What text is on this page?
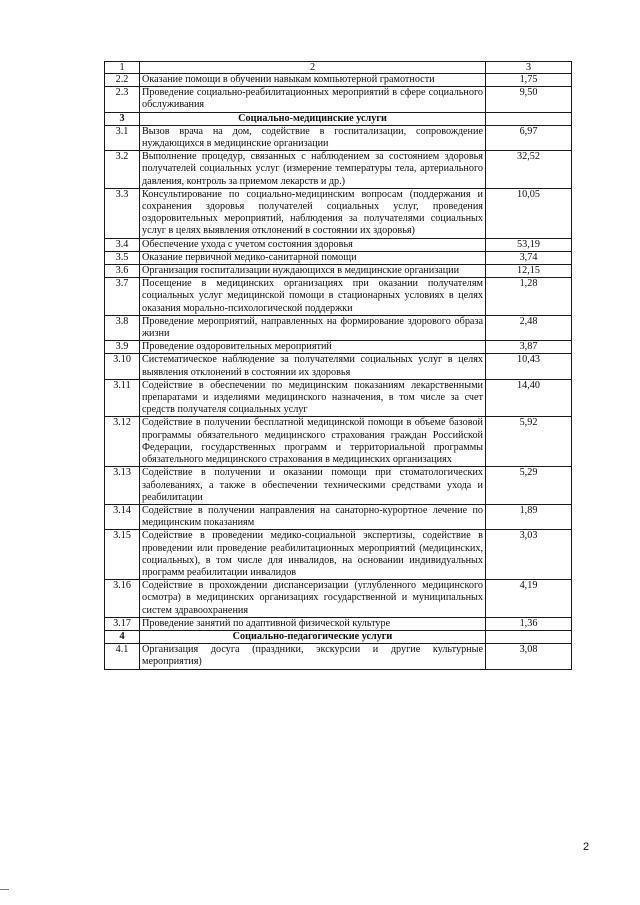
1	2	3
2.2	Оказание помощи в обучении навыкам компьютерной грамотности	1,75
2.3	Проведение социально-реабилитационных мероприятий в сфере социального обслуживания	9,50
3	Социально-медицинские услуги	
3.1	Вызов врача на дом, содействие в госпитализации, сопровождение нуждающихся в медицинские организации	6,97
3.2	Выполнение процедур, связанных с наблюдением за состоянием здоровья получателей социальных услуг (измерение температуры тела, артериального давления, контроль за приемом лекарств и др.)	32,52
3.3	Консультирование по социально-медицинским вопросам (поддержания и сохранения здоровья получателей социальных услуг, проведения оздоровительных мероприятий, наблюдения за получателями социальных услуг в целях выявления отклонений в состоянии их здоровья)	10,05
3.4	Обеспечение ухода с учетом состояния здоровья	53,19
3.5	Оказание первичной медико-санитарной помощи	3,74
3.6	Организация госпитализации нуждающихся в медицинские организации	12,15
3.7	Посещение в медицинских организациях при оказании получателям социальных услуг медицинской помощи в стационарных условиях в целях оказания морально-психологической поддержки	1,28
3.8	Проведение мероприятий, направленных на формирование здорового образа жизни	2,48
3.9	Проведение оздоровительных мероприятий	3,87
3.10	Систематическое наблюдение за получателями социальных услуг в целях выявления отклонений в состоянии их здоровья	10,43
3.11	Содействие в обеспечении по медицинским показаниям лекарственными препаратами и изделиями медицинского назначения, в том числе за счет средств получателя социальных услуг	14,40
3.12	Содействие в получении бесплатной медицинской помощи в объеме базовой программы обязательного медицинского страхования граждан Российской Федерации, государственных программ и территориальной программы обязательного медицинского страхования в медицинских организациях	5,92
3.13	Содействие в получении и оказании помощи при стоматологических заболеваниях, а также в обеспечении техническими средствами ухода и реабилитации	5,29
3.14	Содействие в получении направления на санаторно-курортное лечение по медицинским показаниям	1,89
3.15	Содействие в проведении медико-социальной экспертизы, содействие в проведении или проведение реабилитационных мероприятий (медицинских, социальных), в том числе для инвалидов, на основании индивидуальных программ реабилитации инвалидов	3,03
3.16	Содействие в прохождении диспансеризации (углубленного медицинского осмотра) в медицинских организациях государственной и муниципальных систем здравоохранения	4,19
3.17	Проведение занятий по адаптивной физической культуре	1,36
4	Социально-педагогические услуги	
4.1	Организация досуга (праздники, экскурсии и другие культурные мероприятия)	3,08
2
